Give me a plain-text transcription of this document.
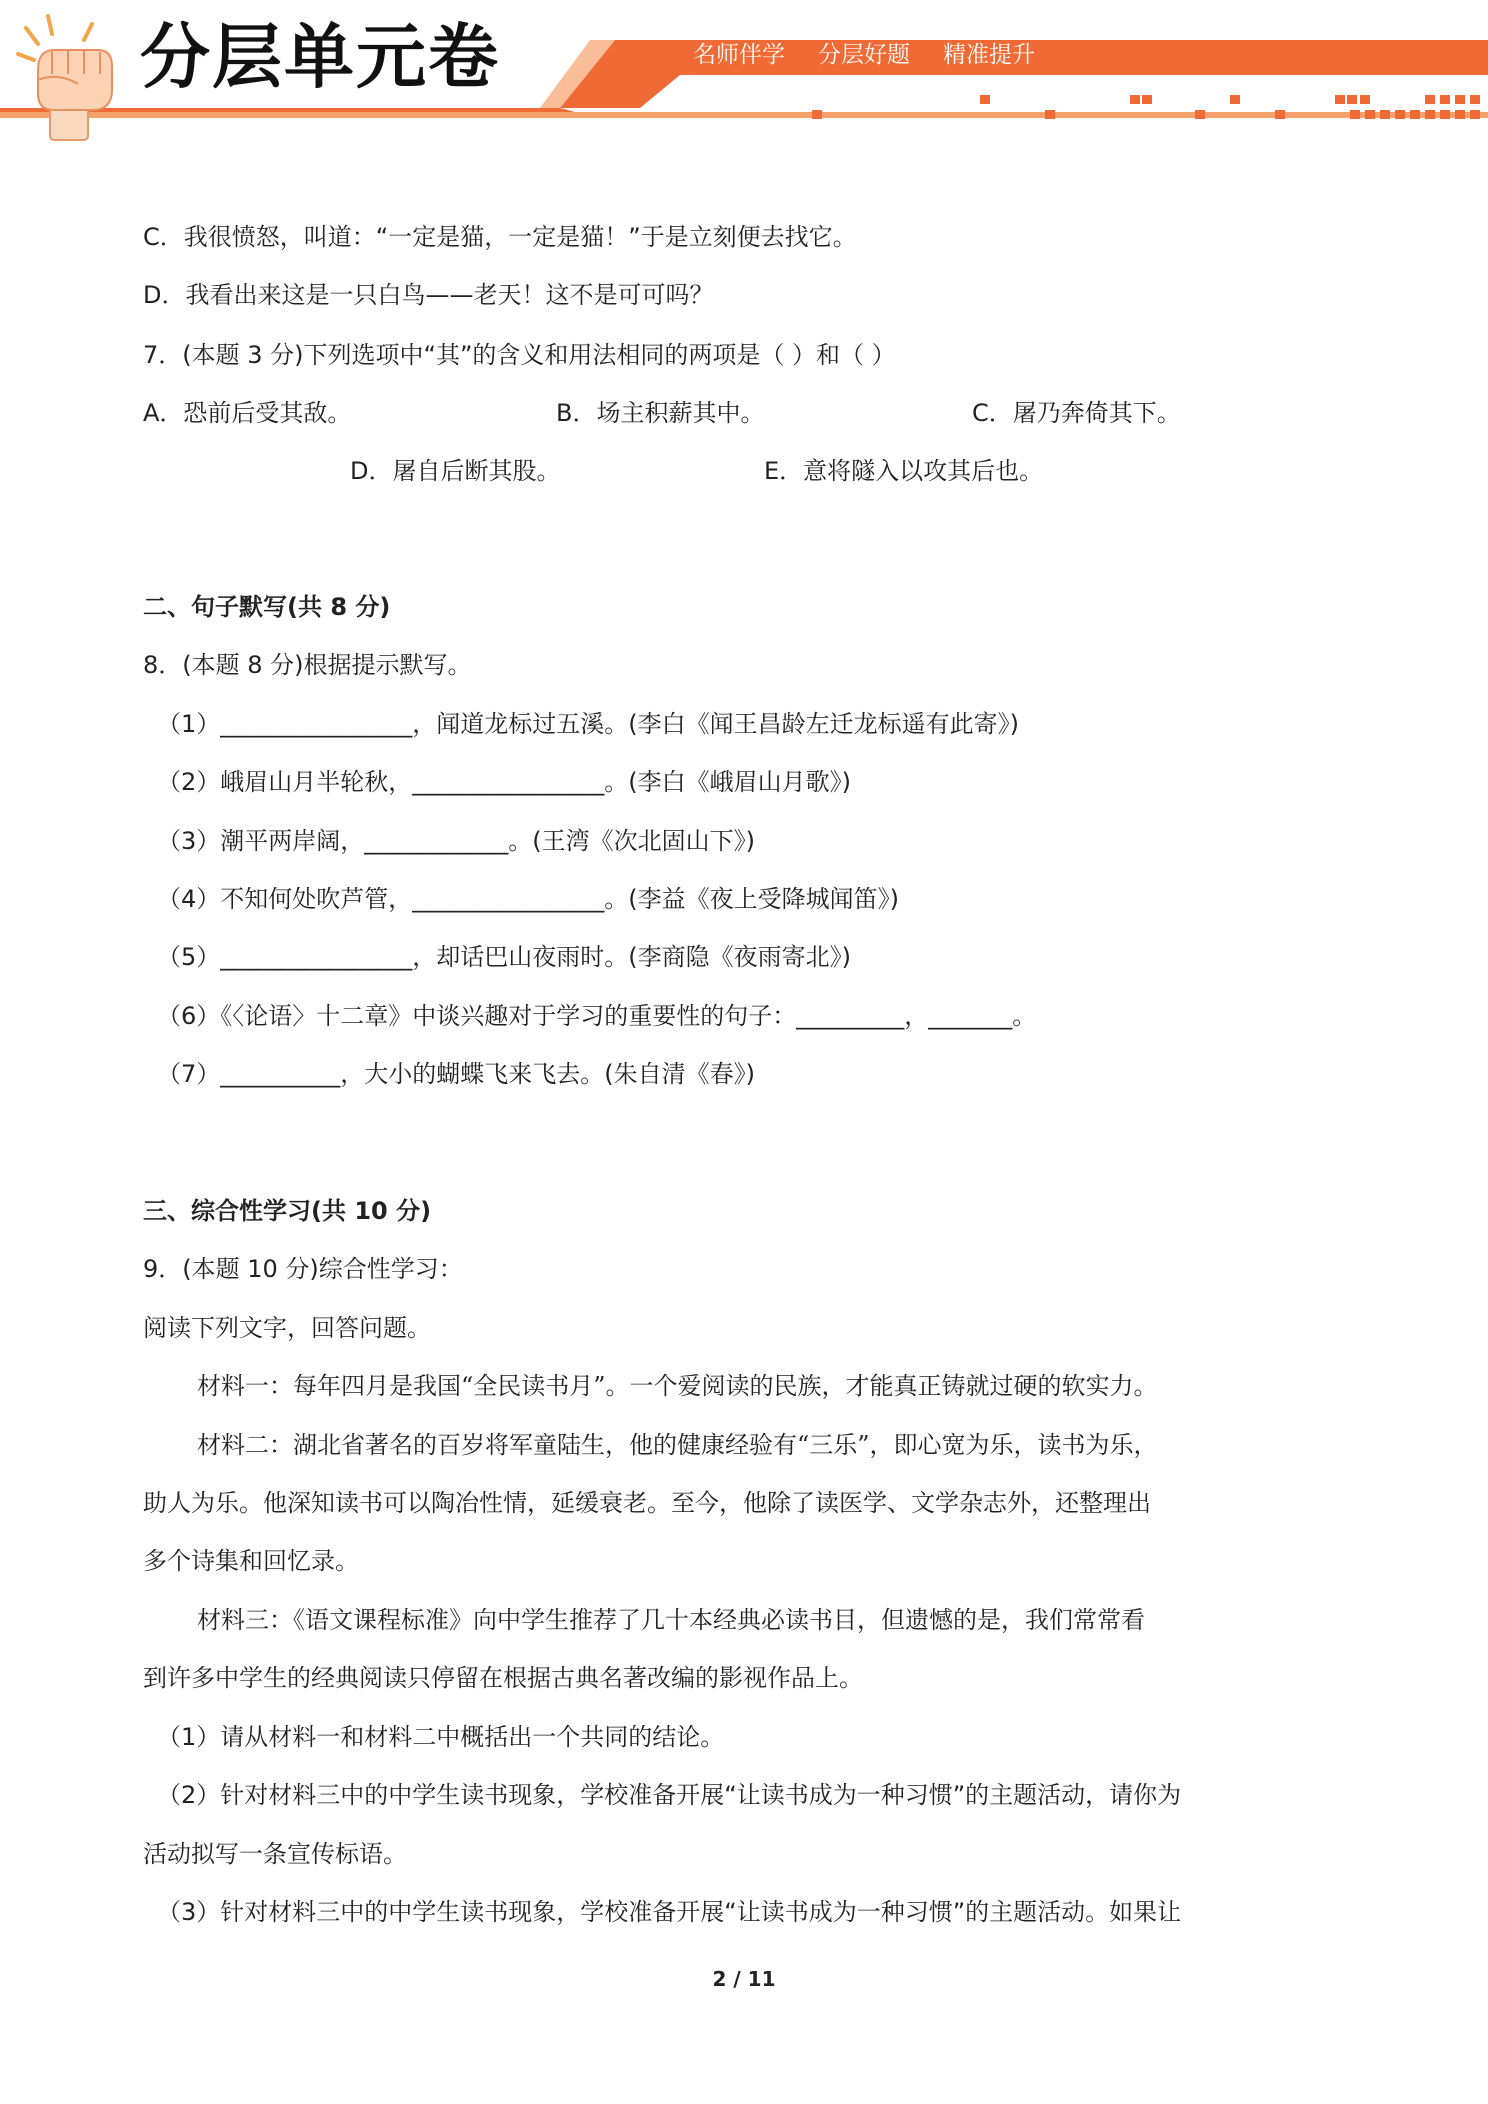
分层单元卷	名师伴学 分层好题 精准提升
C．我很愤怒，叫道：“一定是猫，一定是猫！”于是立刻便去找它。
D．我看出来这是一只白鸟——老天！这不是可可吗？
7．(本题 3 分)下列选项中“其”的含义和用法相同的两项是（ ）和（ ）
A．恐前后受其敌。	B．场主积薪其中。	C．屠乃奔倚其下。
D．屠自后断其股。	E．意将隧入以攻其后也。
二、句子默写(共 8 分)
8．(本题 8 分)根据提示默写。
（1）________________，闻道龙标过五溪。(李白《闻王昌龄左迁龙标遥有此寄》)
（2）峨眉山月半轮秋，________________。(李白《峨眉山月歌》)
（3）潮平两岸阔，____________。(王湾《次北固山下》)
（4）不知何处吹芦管，________________。(李益《夜上受降城闻笛》)
（5）________________，却话巴山夜雨时。(李商隐《夜雨寄北》)
（6）《〈论语〉十二章》中谈兴趣对于学习的重要性的句子：_________，_______。
（7）__________，大小的蝴蝶飞来飞去。(朱自清《春》)
三、综合性学习(共 10 分)
9．(本题 10 分)综合性学习：
阅读下列文字，回答问题。
材料一：每年四月是我国“全民读书月”。一个爱阅读的民族，才能真正铸就过硬的软实力。
材料二：湖北省著名的百岁将军童陆生，他的健康经验有“三乐”，即心宽为乐，读书为乐，
助人为乐。他深知读书可以陶冶性情，延缓衰老。至今，他除了读医学、文学杂志外，还整理出
多个诗集和回忆录。
材料三：《语文课程标准》向中学生推荐了几十本经典必读书目，但遗憾的是，我们常常看
到许多中学生的经典阅读只停留在根据古典名著改编的影视作品上。
（1）请从材料一和材料二中概括出一个共同的结论。
（2）针对材料三中的中学生读书现象，学校准备开展“让读书成为一种习惯”的主题活动，请你为
活动拟写一条宣传标语。
（3）针对材料三中的中学生读书现象，学校准备开展“让读书成为一种习惯”的主题活动。如果让
2 / 11
